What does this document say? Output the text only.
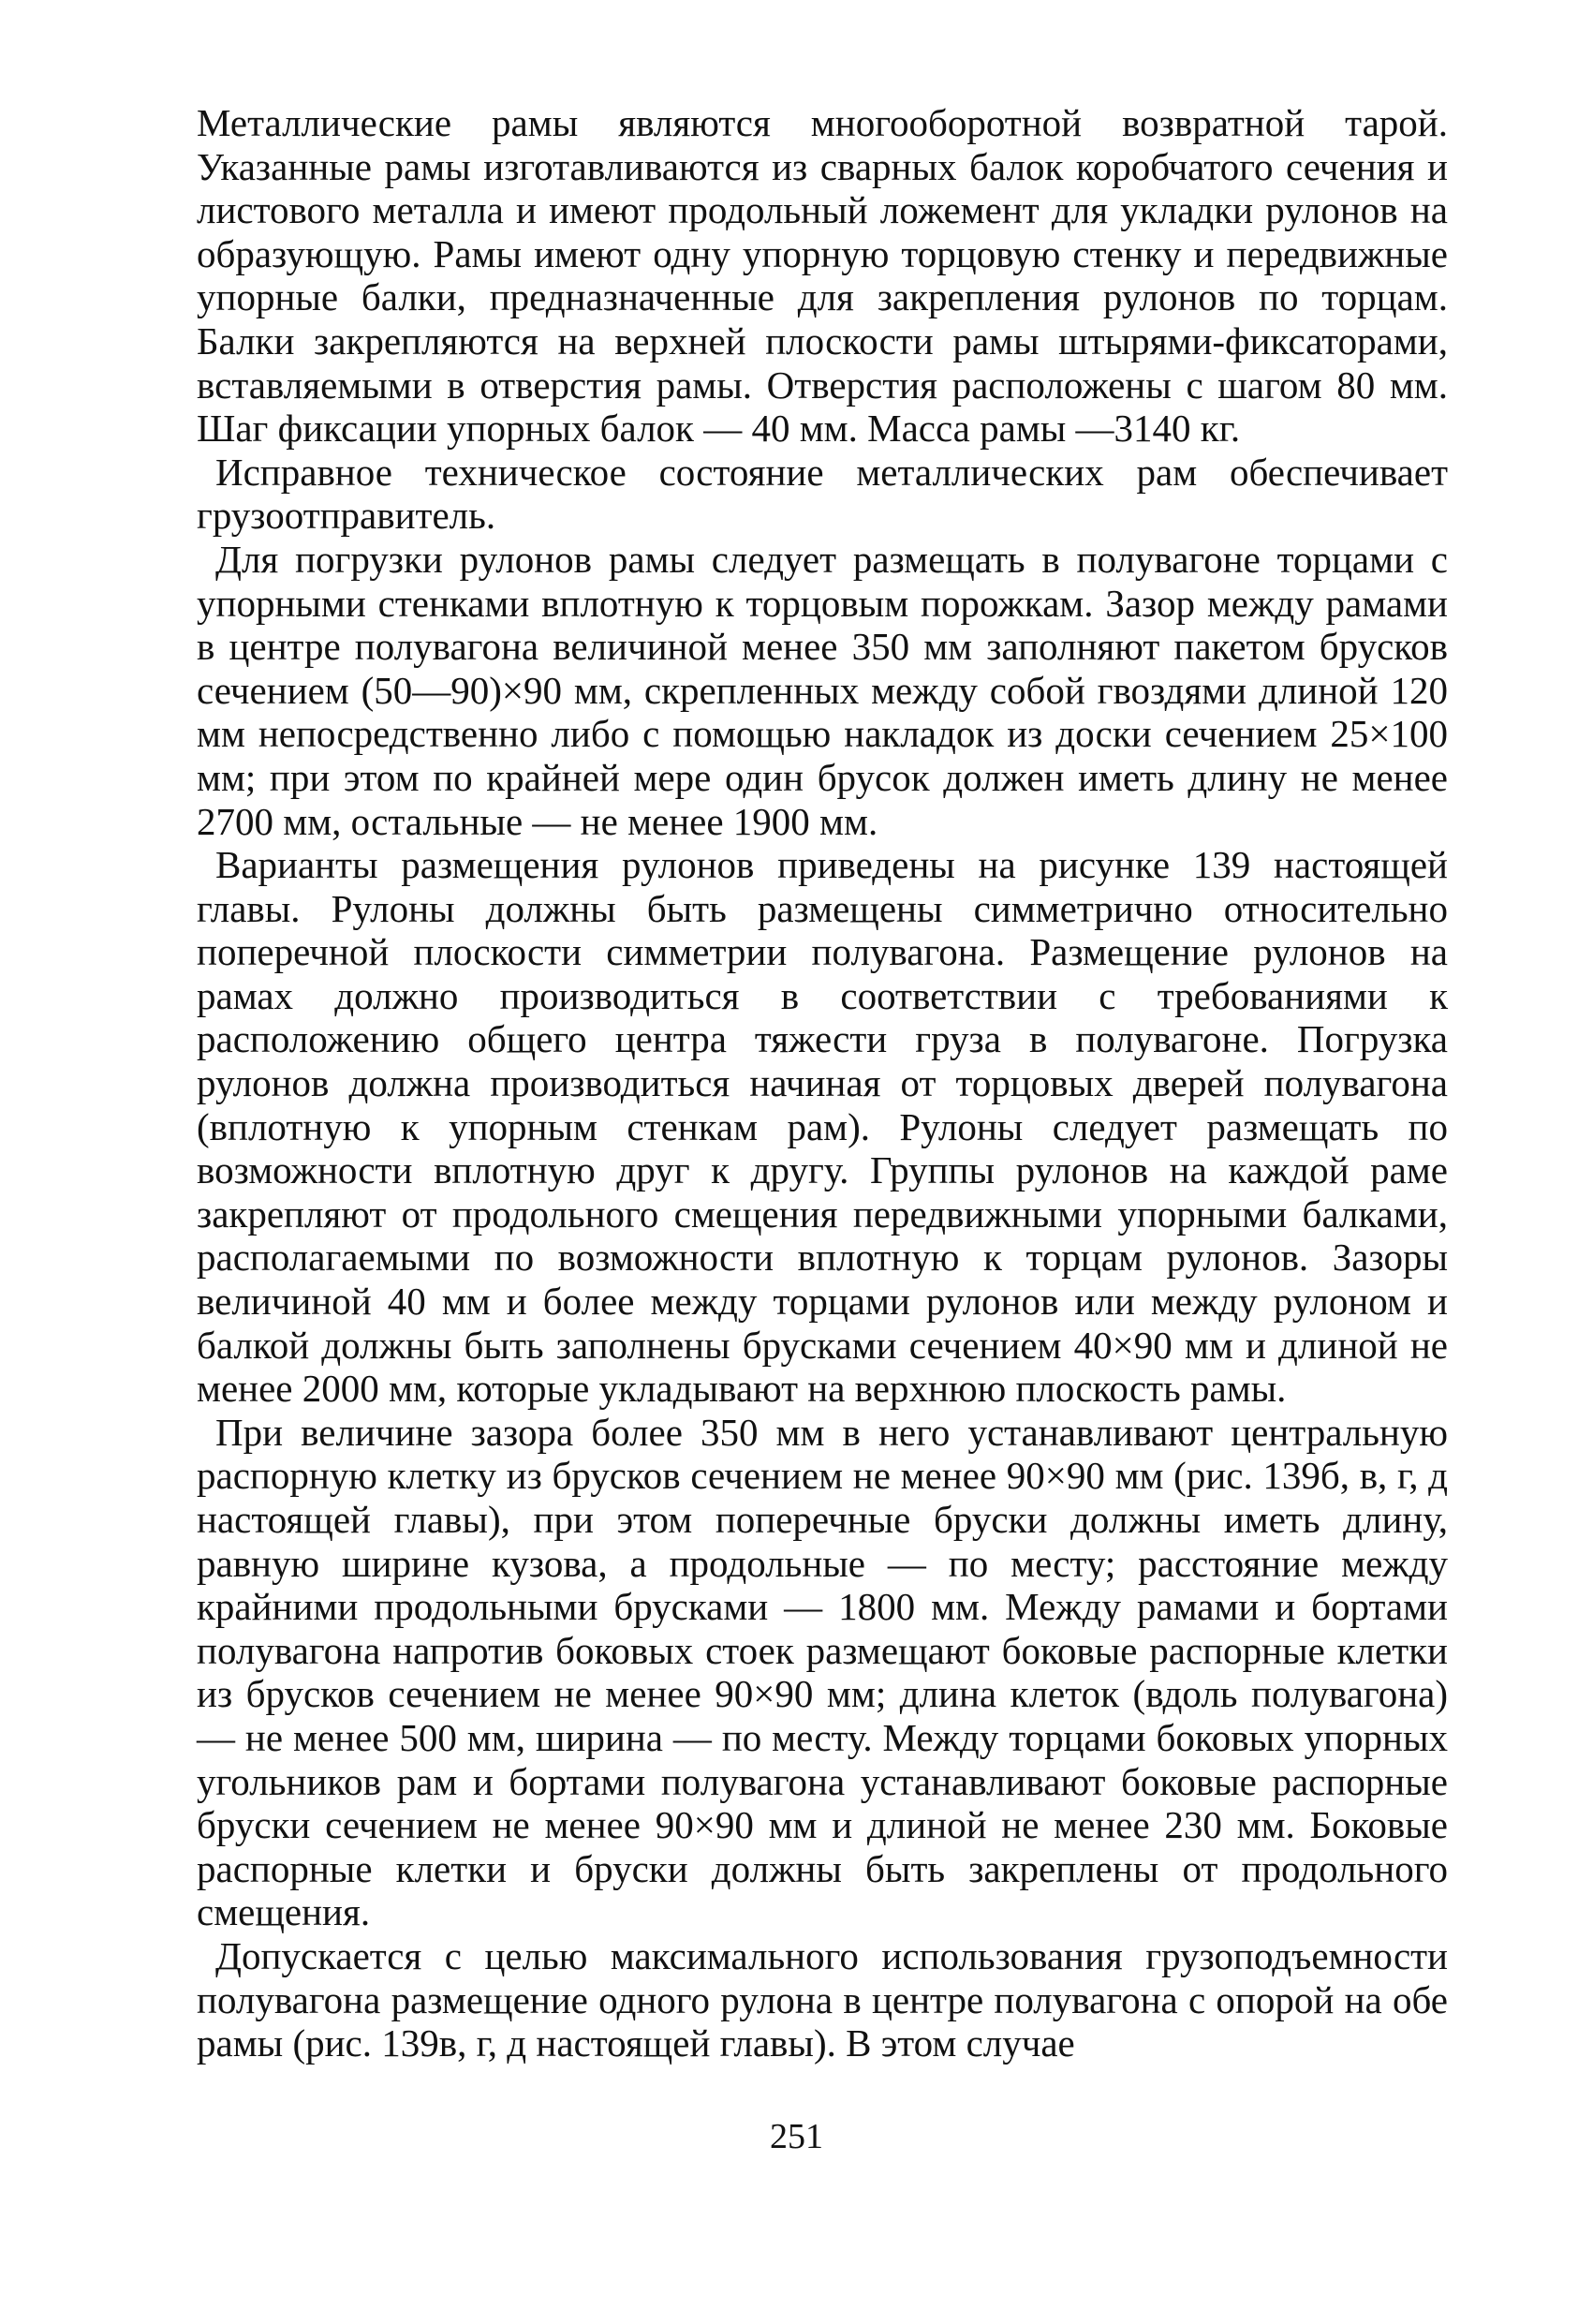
Металлические рамы являются многооборотной возвратной тарой. Указанные рамы изготавливаются из сварных балок коробчатого сечения и листового металла и имеют продольный ложемент для укладки рулонов на образующую. Рамы имеют одну упорную торцовую стенку и передвижные упорные балки, предназначенные для закрепления рулонов по торцам. Балки закрепляются на верхней плоскости рамы штырями-фиксаторами, вставляемыми в отверстия рамы. Отверстия расположены с шагом 80 мм. Шаг фиксации упорных балок — 40 мм. Масса рамы —3140 кг.

Исправное техническое состояние металлических рам обеспечивает грузоотправитель.

Для погрузки рулонов рамы следует размещать в полувагоне торцами с упорными стенками вплотную к торцовым порожкам. Зазор между рамами в центре полувагона величиной менее 350 мм заполняют пакетом брусков сечением (50—90)×90 мм, скрепленных между собой гвоздями длиной 120 мм непосредственно либо с помощью накладок из доски сечением 25×100 мм; при этом по крайней мере один брусок должен иметь длину не менее 2700 мм, остальные — не менее 1900 мм.

Варианты размещения рулонов приведены на рисунке 139 настоящей главы. Рулоны должны быть размещены симметрично относительно поперечной плоскости симметрии полувагона. Размещение рулонов на рамах должно производиться в соответствии с требованиями к расположению общего центра тяжести груза в полувагоне. Погрузка рулонов должна производиться начиная от торцовых дверей полувагона (вплотную к упорным стенкам рам). Рулоны следует размещать по возможности вплотную друг к другу. Группы рулонов на каждой раме закрепляют от продольного смещения передвижными упорными балками, располагаемыми по возможности вплотную к торцам рулонов. Зазоры величиной 40 мм и более между торцами рулонов или между рулоном и балкой должны быть заполнены брусками сечением 40×90 мм и длиной не менее 2000 мм, которые укладывают на верхнюю плоскость рамы.

При величине зазора более 350 мм в него устанавливают центральную распорную клетку из брусков сечением не менее 90×90 мм (рис. 139б, в, г, д настоящей главы), при этом поперечные бруски должны иметь длину, равную ширине кузова, а продольные — по месту; расстояние между крайними продольными брусками — 1800 мм. Между рамами и бортами полувагона напротив боковых стоек размещают боковые распорные клетки из брусков сечением не менее 90×90 мм; длина клеток (вдоль полувагона) — не менее 500 мм, ширина — по месту. Между торцами боковых упорных угольников рам и бортами полувагона устанавливают боковые распорные бруски сечением не менее 90×90 мм и длиной не менее 230 мм. Боковые распорные клетки и бруски должны быть закреплены от продольного смещения.

Допускается с целью максимального использования грузоподъемности полувагона размещение одного рулона в центре полувагона с опорой на обе рамы (рис. 139в, г, д настоящей главы). В этом случае

251
